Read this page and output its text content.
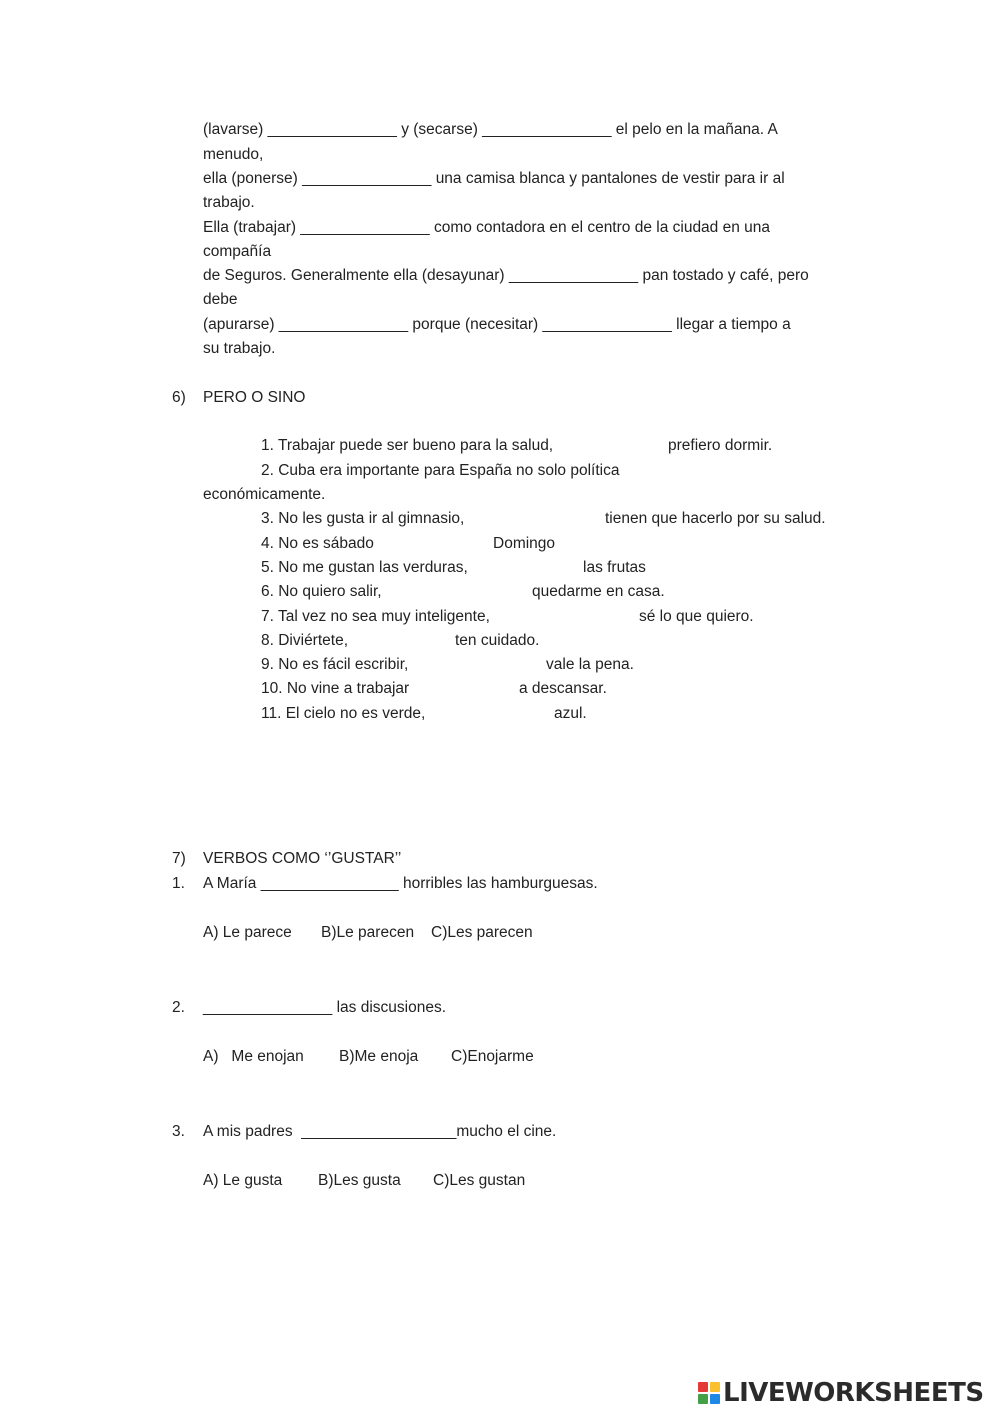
(lavarse) _______________ y (secarse) _______________ el pelo en la mañana. A
menudo,
ella (ponerse) _______________ una camisa blanca y pantalones de vestir para ir al
trabajo.
Ella (trabajar) _______________ como contadora en el centro de la ciudad en una
compañía
de Seguros. Generalmente ella (desayunar) _______________ pan tostado y café, pero
debe
(apurarse) _______________ porque (necesitar) _______________ llegar a tiempo a
su trabajo.
6) PERO O SINO
1. Trabajar puede ser bueno para la salud,	prefiero dormir.
2. Cuba era importante para España no solo política
económicamente.
3. No les gusta ir al gimnasio,	tienen que hacerlo por su salud.
4. No es sábado	Domingo
5. No me gustan las verduras,	las frutas
6. No quiero salir,	quedarme en casa.
7. Tal vez no sea muy inteligente,	sé lo que quiero.
8. Diviértete,	ten cuidado.
9. No es fácil escribir,	vale la pena.
10. No vine a trabajar	a descansar.
11. El cielo no es verde,	azul.
7) VERBOS COMO ‘’GUSTAR’’
1. A María ________________ horribles las hamburguesas.
A) Le parece B)Le parecen C)Les parecen
2. _______________ las discusiones.
A)   Me enojan B)Me enoja C)Enojarme
3. A mis padres  __________________mucho el cine.
A) Le gusta B)Les gusta C)Les gustan
LIVEWORKSHEETS
